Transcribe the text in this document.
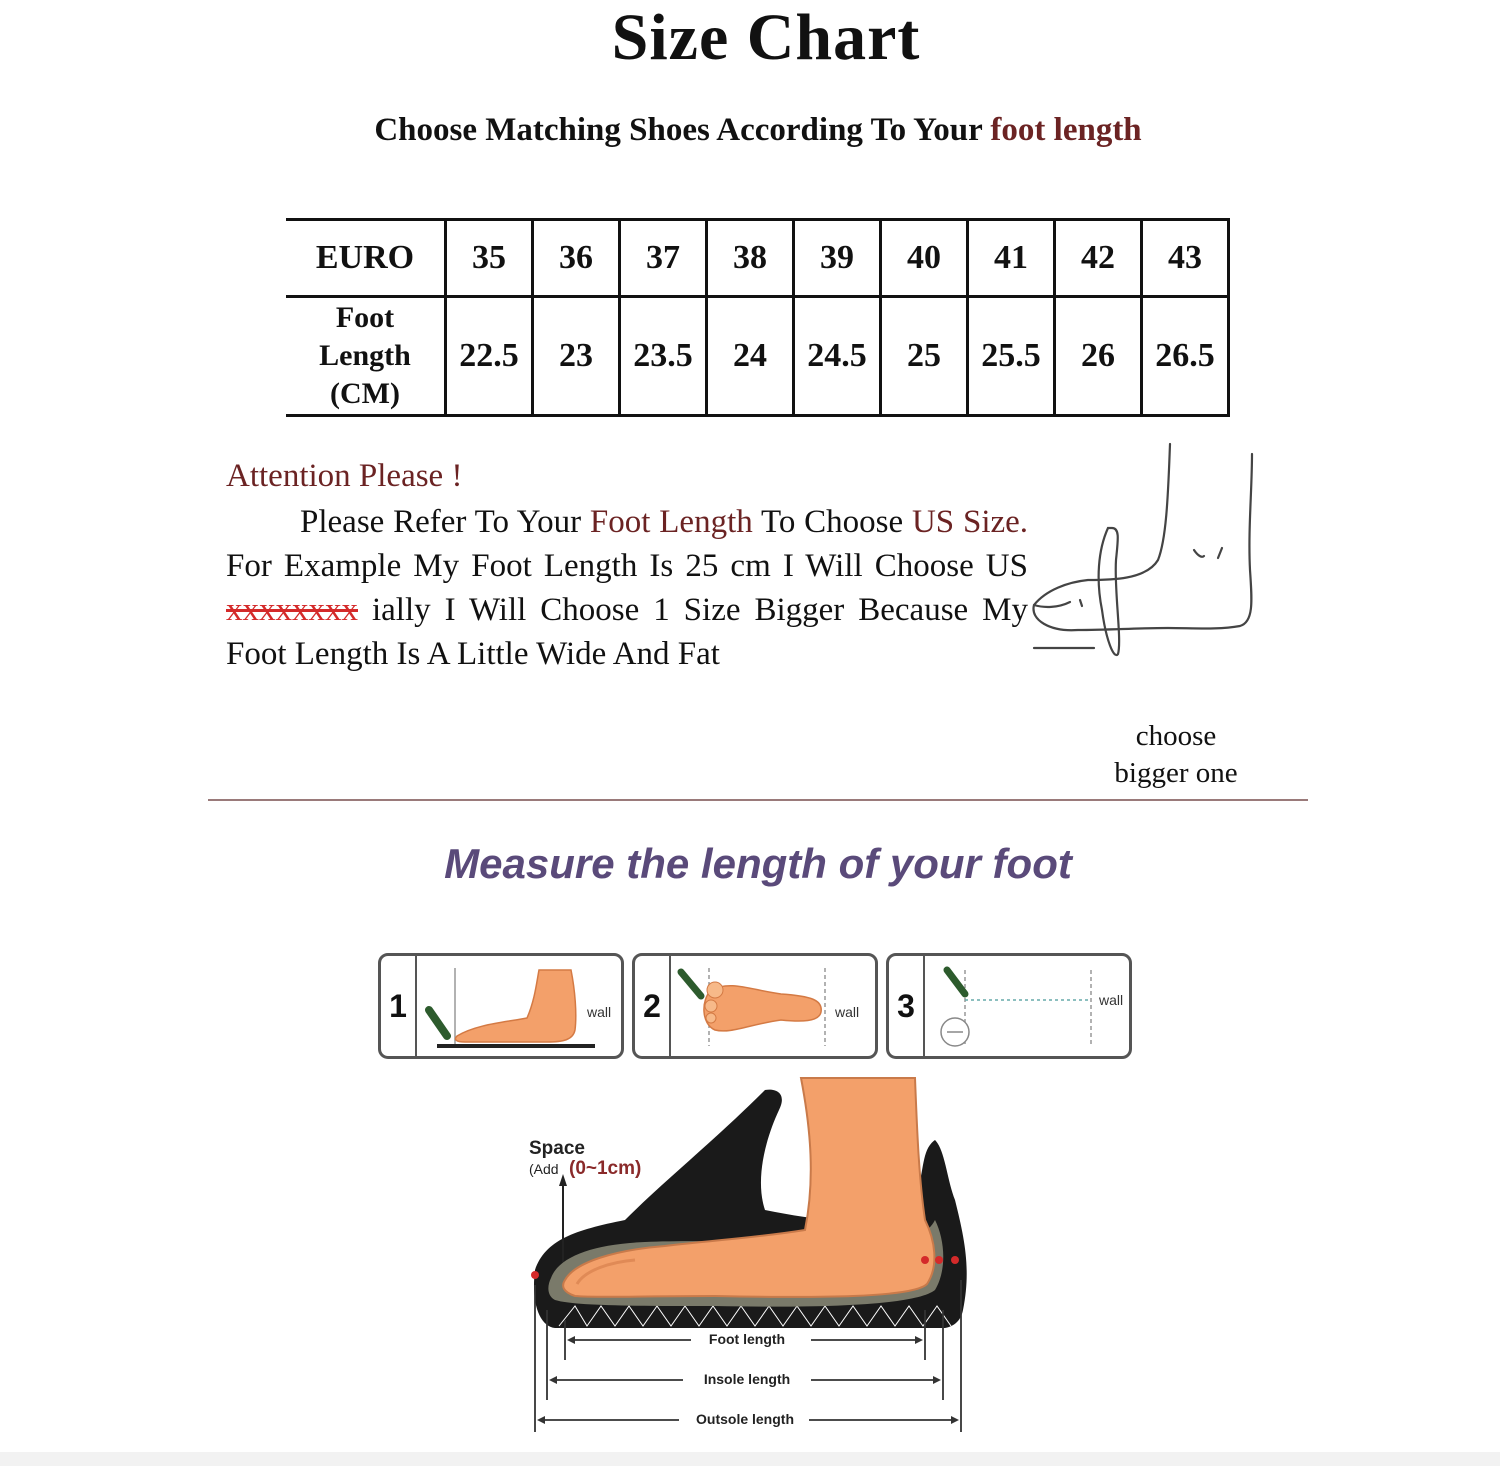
Size Chart
Choose Matching Shoes According To Your foot length
EURO	35	36	37	38	39	40	41	42	43

Foot
Length
(CM)	22.5	23	23.5	24	24.5	25	25.5	26	26.5
Attention Please !
Please Refer To Your Foot Length To Choose US Size. For Example My Foot Length Is 25 cm I Will Choose US xxxxxxxx ially I Will Choose 1 Size Bigger Because My Foot Length Is A Little Wide And Fat
choose
bigger one
Measure the length of your foot
1	wall 2	wall 3	wall
Space
(Add (0~1cm)
Foot length
Insole length
Outsole length
